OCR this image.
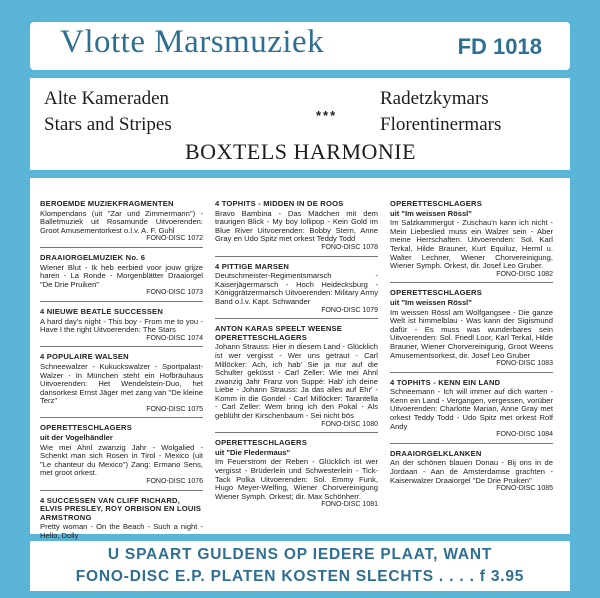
Vlotte Marsmuziek	FD 1018
Alte Kameraden
Stars and Stripes	***
Radetzkymars
Florentinermars
BOXTELS HARMONIE
BEROEMDE MUZIEKFRAGMENTEN
Klompendans (uit "Zar und Zimmermann") - Balletmuziek uit Rosamunde Uitvoerenden: Groot Amusementorkest o.l.v. A. F. Guhl
FONO-DISC 1072
DRAAIORGELMUZIEK No. 6
Wiener Blut - Ik heb eerbied voor jouw grijze haren - La Ronde - Morgenblätter Draaiorgel "De Drie Pruiken"
FONO-DISC 1073
4 NIEUWE BEATLE SUCCESSEN
A hard day's night - This boy - From me to you - Have I the right Uitvoerenden: The Stars
FONO-DISC 1074
4 POPULAIRE WALSEN
Schneewalzer - Kukuckswalzer - Sportpalast-Walzer - In München steht ein Hofbräuhaus Uitvoerenden: Het Wendelstein-Duo, het dansorkest Ernst Jäger met zang van "De kleine Terz"
FONO-DISC 1075
OPERETTESCHLAGERS
uit der Vogelhändler
Wie mei Ahnl zwanzig Jahr - Wolgalied - Schenkt man sich Rosen in Tirol - Mexico (uit "Le chanteur du Mexico") Zang: Ermano Sens, met groot orkest.
FONO-DISC 1076
4 SUCCESSEN VAN CLIFF RICHARD, ELVIS PRESLEY, ROY ORBISON EN LOUIS ARMSTRONG
Pretty woman - On the Beach - Such a night - Hello, Dolly
4 TOPHITS - MIDDEN IN DE ROOS
Bravo Bambina - Das Mädchen mit dem traurigen Blick - My boy lollipop - Kein Gold im Blue River Uitvoerenden: Bobby Stern, Anne Gray en Udo Spitz met orkest Teddy Todd
FONO-DISC 1078
4 PITTIGE MARSEN
Deutschmeister-Regimentsmarsch - Kaiserjägermarsch - Hoch Heidecksburg - Königgrätzermarsch Uitvoerenden: Military Army Band o.l.v. Kapt. Schwander
FONO-DISC 1079
ANTON KARAS SPEELT WEENSE OPERETTESCHLAGERS
Johann Strauss: Hier in diesem Land - Glücklich ist wer vergisst - Wer uns getraut - Carl Millöcker: Ach, ich hab' Sie ja nur auf die Schulter geküsst - Carl Zeller: Wie mei Ahnl zwanzig Jahr Franz von Suppé: Hab' ich deine Liebe - Johann Strauss: Ja das alles auf Ehr' - Komm in die Gondel - Carl Millöcker: Tarantella - Carl Zeller: Wem bring ich den Pokal - Als geblüht der Kirschenbaum - Sei nicht bös
FONO-DISC 1080
OPERETTESCHLAGERS
uit "Die Fledermaus"
Im Feuerstrom der Reben - Glücklich ist wer vergisst - Brüderlein und Schwesterlein - Tick-Tack Polka Uitvoerenden: Sol. Emmy Funk, Hugo Meyer-Welfing, Wiener Chorvereinigung Wiener Symph. Orkest; dir. Max Schönherr.
FONO-DISC 1081
OPERETTESCHLAGERS
uit "Im weissen Rössl"
Im Salzkammergut - Zuschau'n kann ich nicht - Mein Liebeslied muss ein Walzer sein - Aber meine Herrschaften. Uitvoerenden: Sol. Karl Terkal, Hilde Brauner, Kurt Equiluz, Herml u. Walter Lechner, Wiener Chorvereinigung, Wiener Symph. Orkest, dir. Josef Leo Gruber.
FONO-DISC 1082
OPERETTESCHLAGERS
uit "Im weissen Rössl"
Im weissen Rössl am Wolfgangsee - Die ganze Welt ist himmelblau - Was kann der Sigismund dafür - Es muss was wunderbares sein Uitvoerenden: Sol. Friedl Loor, Karl Terkal, Hilde Brauner, Wiener Chorvereinigung, Groot Weens Amusementsorkest, dir. Josef Leo Gruber
FONO-DISC 1083
4 TOPHITS - KENN EIN LAND
Schneemann - Ich will immer auf dich warten - Kenn ein Land - Vergangen, vergessen, vorüber Uitvoerenden: Charlotte Marian, Anne Gray met orkest Teddy Todd - Udo Spitz met orkest Rolf Andy
FONO-DISC 1084
DRAAIORGELKLANKEN
An der schönen blauen Donau - Bij ons in de Jordaan - Aan de Amsterdamse grachten - Kaiserwalzer Draaiorgel "De Drie Pruiken"
FONO-DISC 1085
U SPAART GULDENS OP IEDERE PLAAT, WANT
FONO-DISC E.P. PLATEN KOSTEN SLECHTS . . . . f 3.95
